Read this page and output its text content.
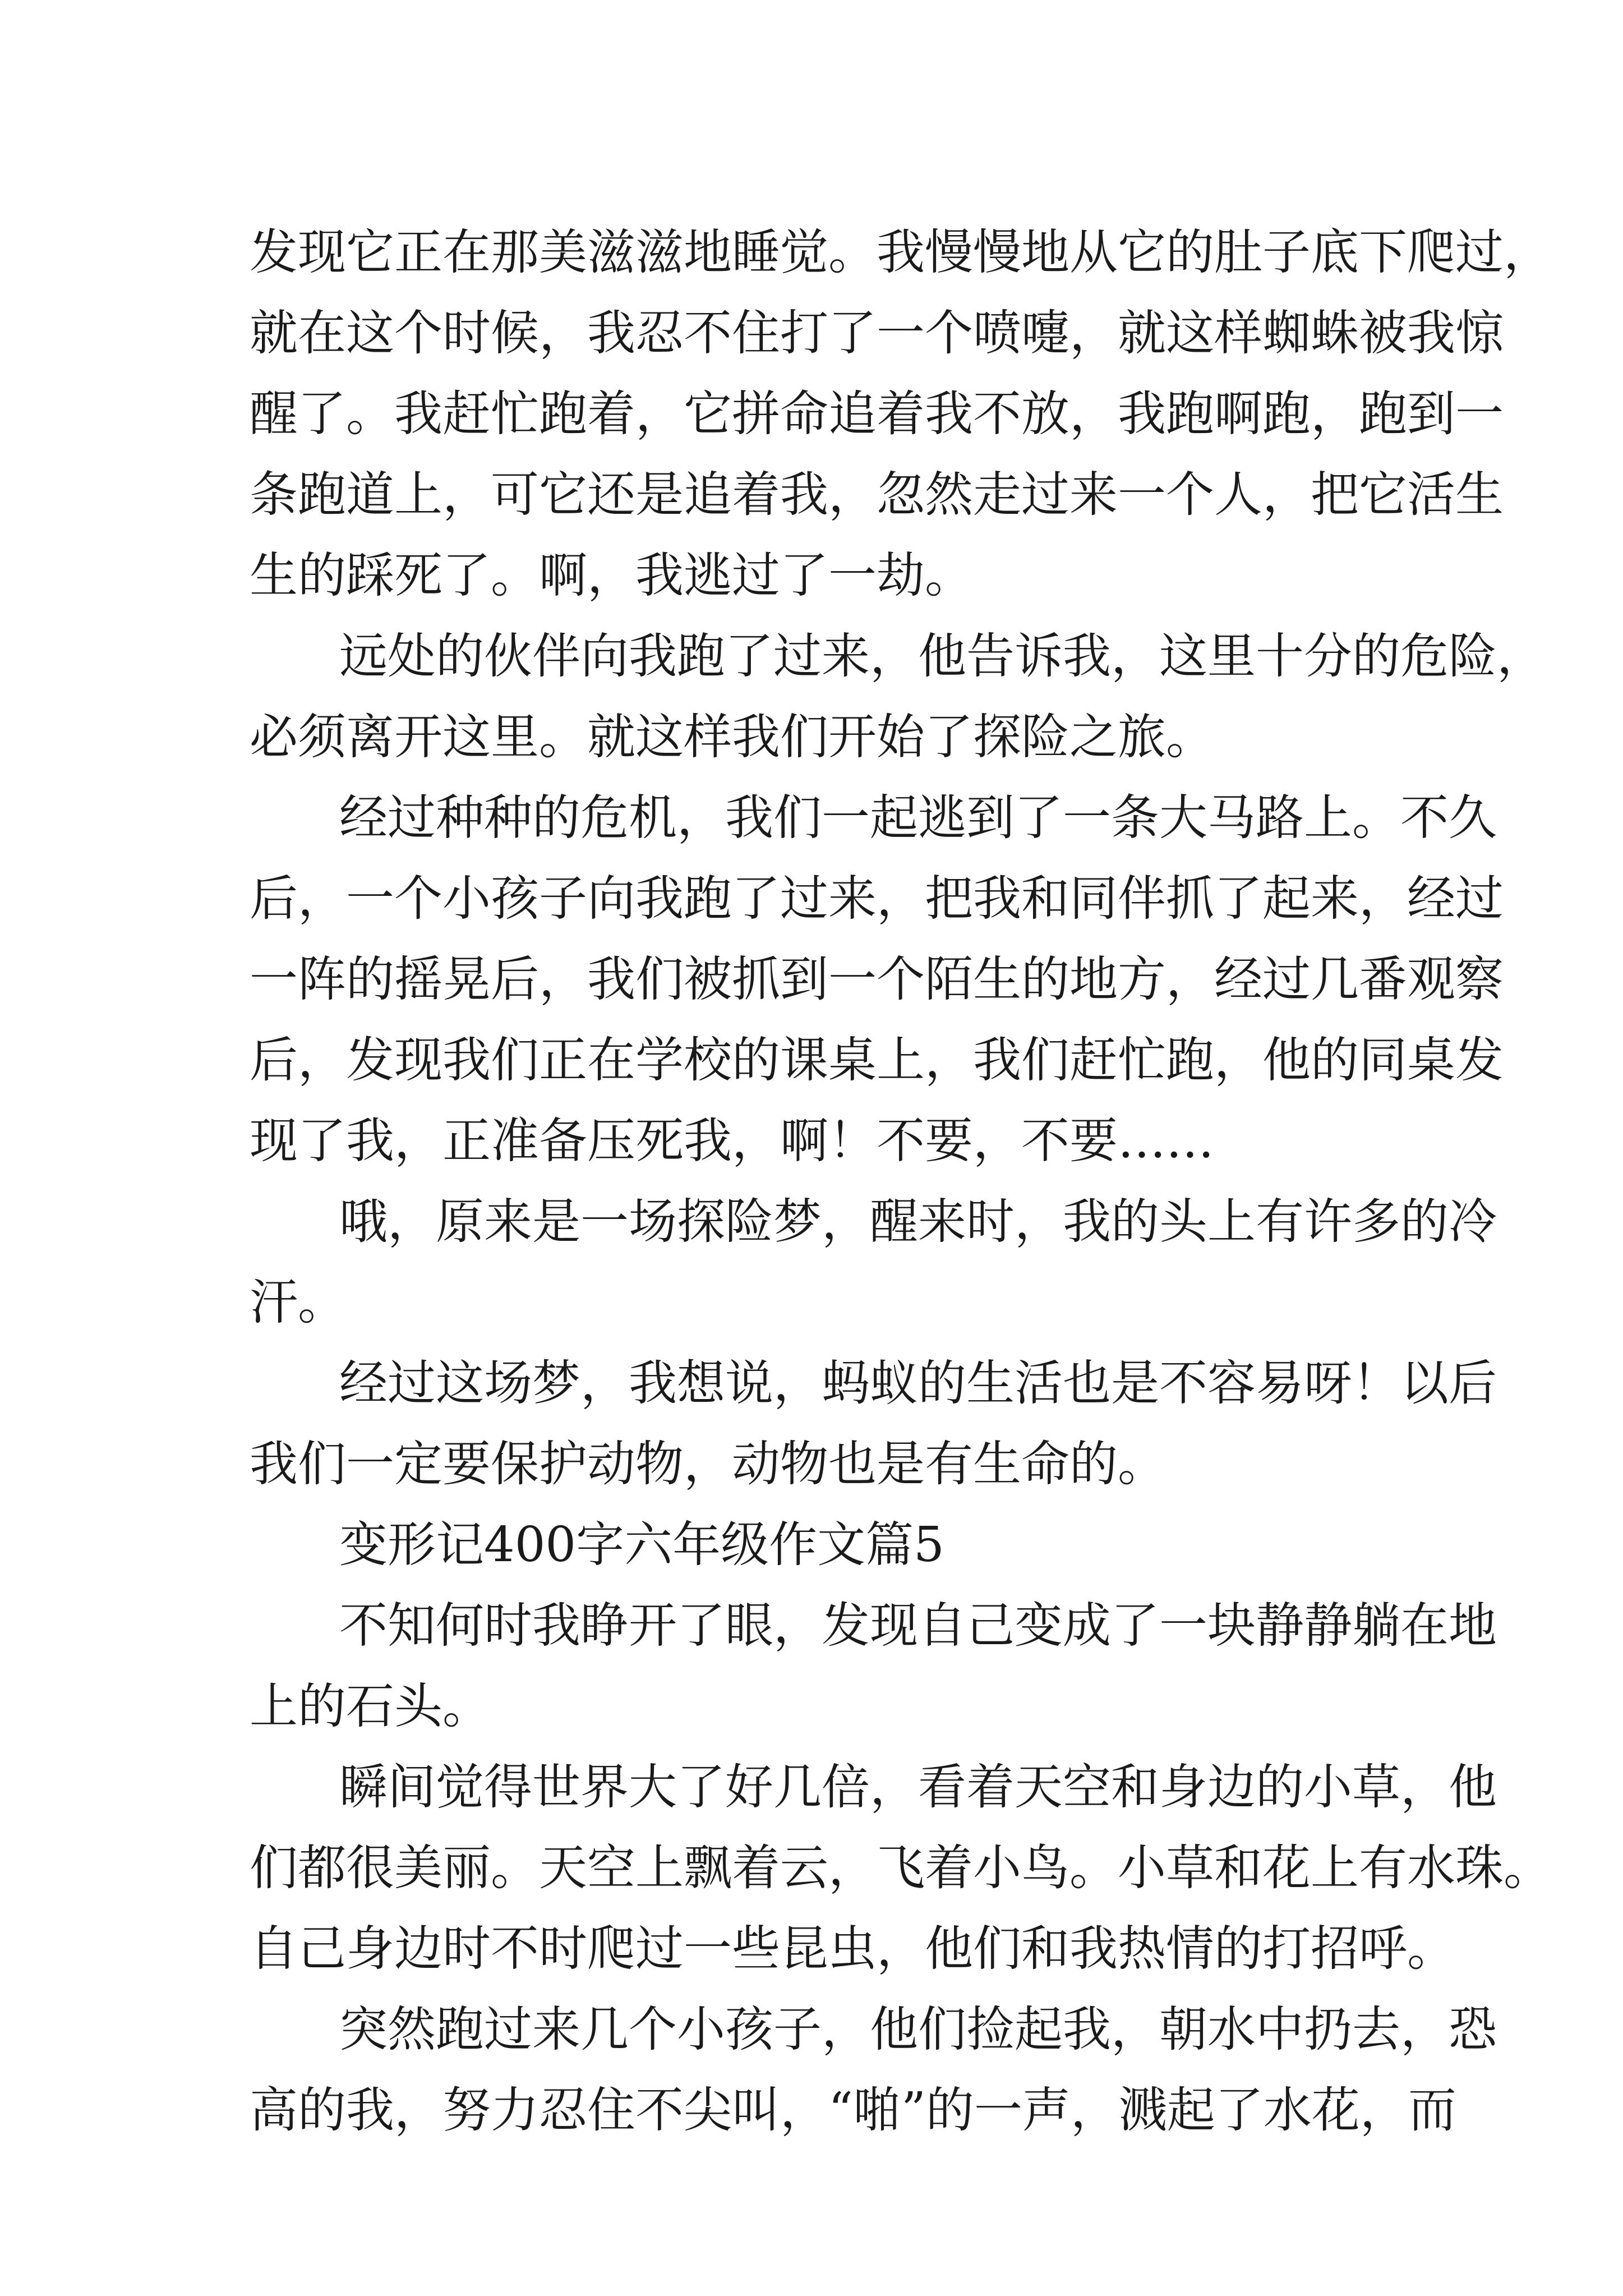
发现它正在那美滋滋地睡觉。我慢慢地从它的肚子底下爬过，
就在这个时候，我忍不住打了一个喷嚏，就这样蜘蛛被我惊
醒了。我赶忙跑着，它拼命追着我不放，我跑啊跑，跑到一
条跑道上，可它还是追着我，忽然走过来一个人，把它活生
生的踩死了。啊，我逃过了一劫。
远处的伙伴向我跑了过来，他告诉我，这里十分的危险，
必须离开这里。就这样我们开始了探险之旅。
经过种种的危机，我们一起逃到了一条大马路上。不久
后，一个小孩子向我跑了过来，把我和同伴抓了起来，经过
一阵的摇晃后，我们被抓到一个陌生的地方，经过几番观察
后，发现我们正在学校的课桌上，我们赶忙跑，他的同桌发
现了我，正准备压死我，啊！不要，不要……
哦，原来是一场探险梦，醒来时，我的头上有许多的冷
汗。
经过这场梦，我想说，蚂蚁的生活也是不容易呀！以后
我们一定要保护动物，动物也是有生命的。
变形记400字六年级作文篇5
不知何时我睁开了眼，发现自己变成了一块静静躺在地
上的石头。
瞬间觉得世界大了好几倍，看着天空和身边的小草，他
们都很美丽。天空上飘着云，飞着小鸟。小草和花上有水珠。
自己身边时不时爬过一些昆虫，他们和我热情的打招呼。
突然跑过来几个小孩子，他们捡起我，朝水中扔去，恐
高的我，努力忍住不尖叫，“啪”的一声，溅起了水花，而
